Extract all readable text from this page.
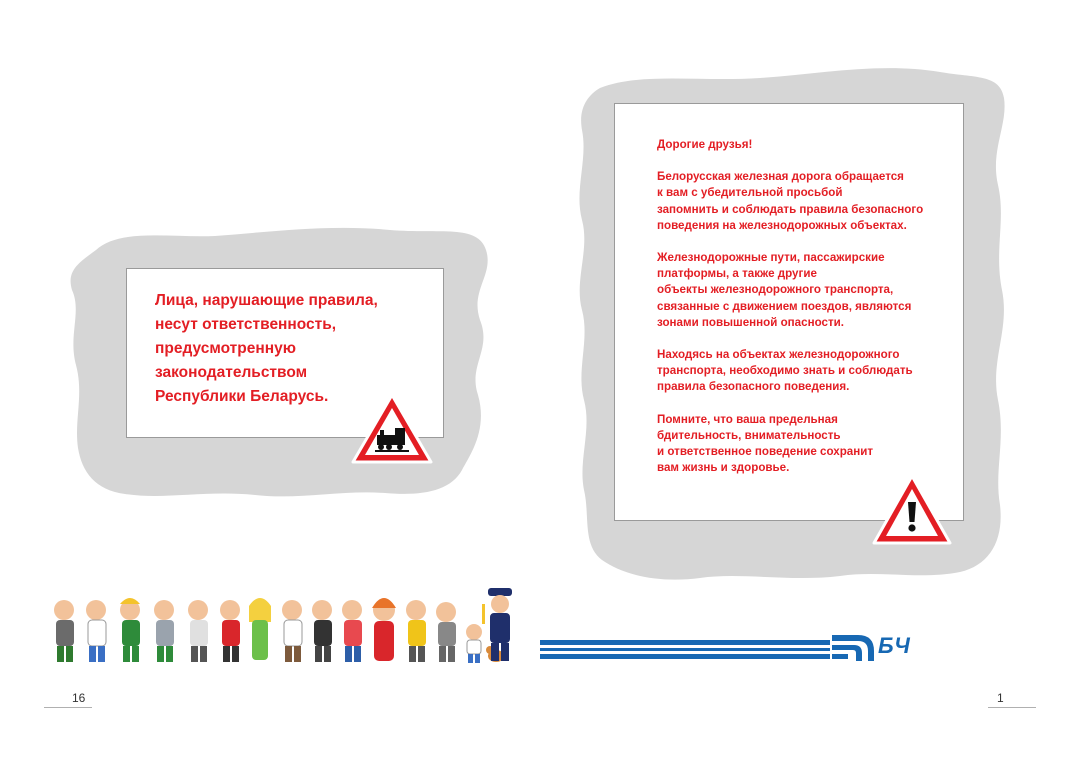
Лица, нарушающие правила,
несут ответственность,
предусмотренную
законодательством
Республики Беларусь.
Дорогие друзья!
Белорусская железная дорога обращается
к вам с убедительной просьбой
запомнить и соблюдать правила безопасного
поведения на железнодорожных объектах.
Железнодорожные пути, пассажирские
платформы, а также другие
объекты железнодорожного транспорта,
связанные с движением поездов, являются
зонами повышенной опасности.
Находясь на объектах железнодорожного
транспорта, необходимо знать и соблюдать
правила безопасного поведения.
Помните, что ваша предельная
бдительность, внимательность
и ответственное поведение сохранит
вам жизнь и здоровье.
БЧ
16	1
